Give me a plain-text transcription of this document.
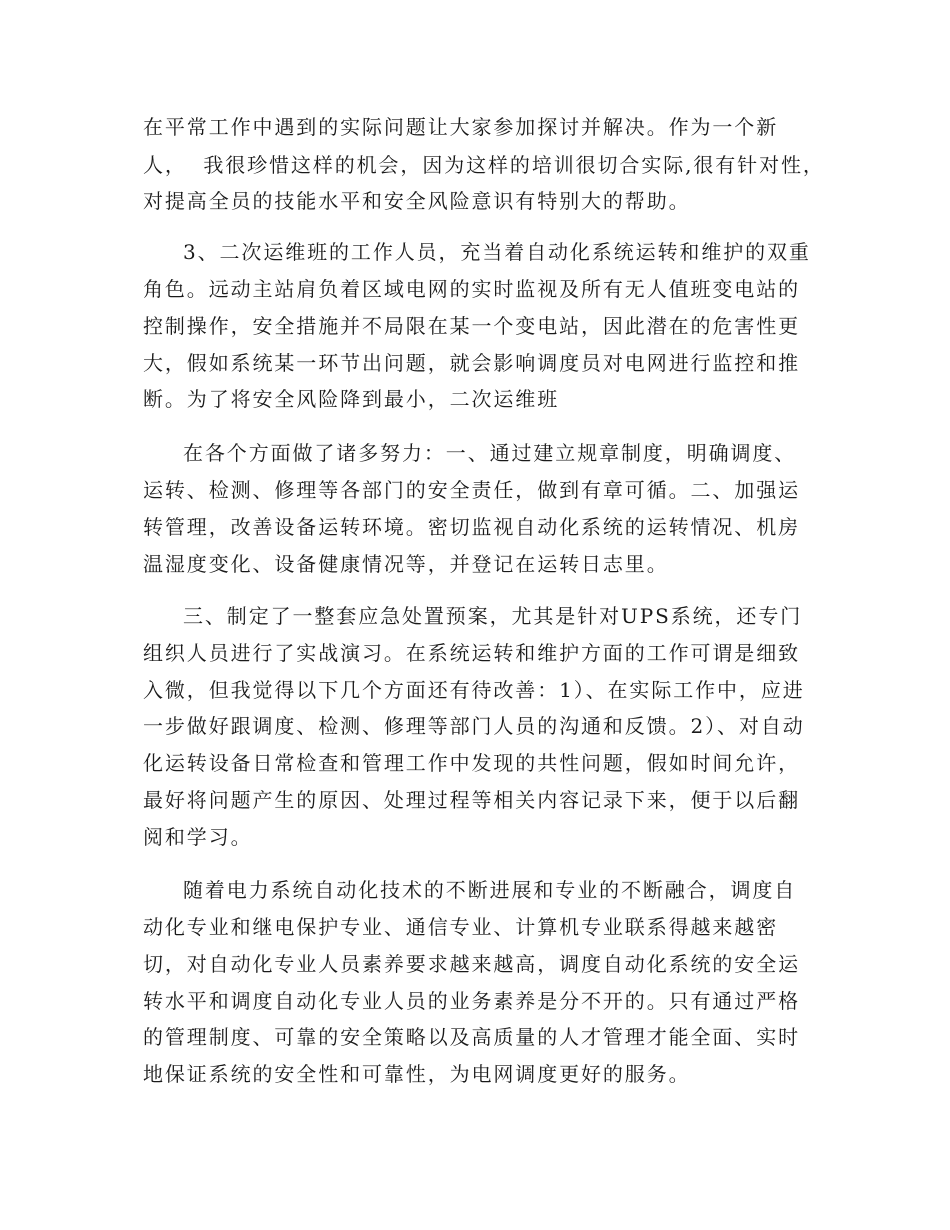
在平常工作中遇到的实际问题让大家参加探讨并解决。作为一个新
人，  我很珍惜这样的机会，因为这样的培训很切合实际,很有针对性，
对提高全员的技能水平和安全风险意识有特别大的帮助。
3、二次运维班的工作人员，充当着自动化系统运转和维护的双重
角色。远动主站肩负着区域电网的实时监视及所有无人值班变电站的
控制操作，安全措施并不局限在某一个变电站，因此潜在的危害性更
大，假如系统某一环节出问题，就会影响调度员对电网进行监控和推
断。为了将安全风险降到最小，二次运维班
在各个方面做了诸多努力：一、通过建立规章制度，明确调度、
运转、检测、修理等各部门的安全责任，做到有章可循。二、加强运
转管理，改善设备运转环境。密切监视自动化系统的运转情况、机房
温湿度变化、设备健康情况等，并登记在运转日志里。
三、制定了一整套应急处置预案，尤其是针对UPS系统，还专门
组织人员进行了实战演习。在系统运转和维护方面的工作可谓是细致
入微，但我觉得以下几个方面还有待改善：1）、在实际工作中，应进
一步做好跟调度、检测、修理等部门人员的沟通和反馈。2）、对自动
化运转设备日常检查和管理工作中发现的共性问题，假如时间允许，
最好将问题产生的原因、处理过程等相关内容记录下来，便于以后翻
阅和学习。
随着电力系统自动化技术的不断进展和专业的不断融合，调度自
动化专业和继电保护专业、通信专业、计算机专业联系得越来越密
切，对自动化专业人员素养要求越来越高，调度自动化系统的安全运
转水平和调度自动化专业人员的业务素养是分不开的。只有通过严格
的管理制度、可靠的安全策略以及高质量的人才管理才能全面、实时
地保证系统的安全性和可靠性，为电网调度更好的服务。
